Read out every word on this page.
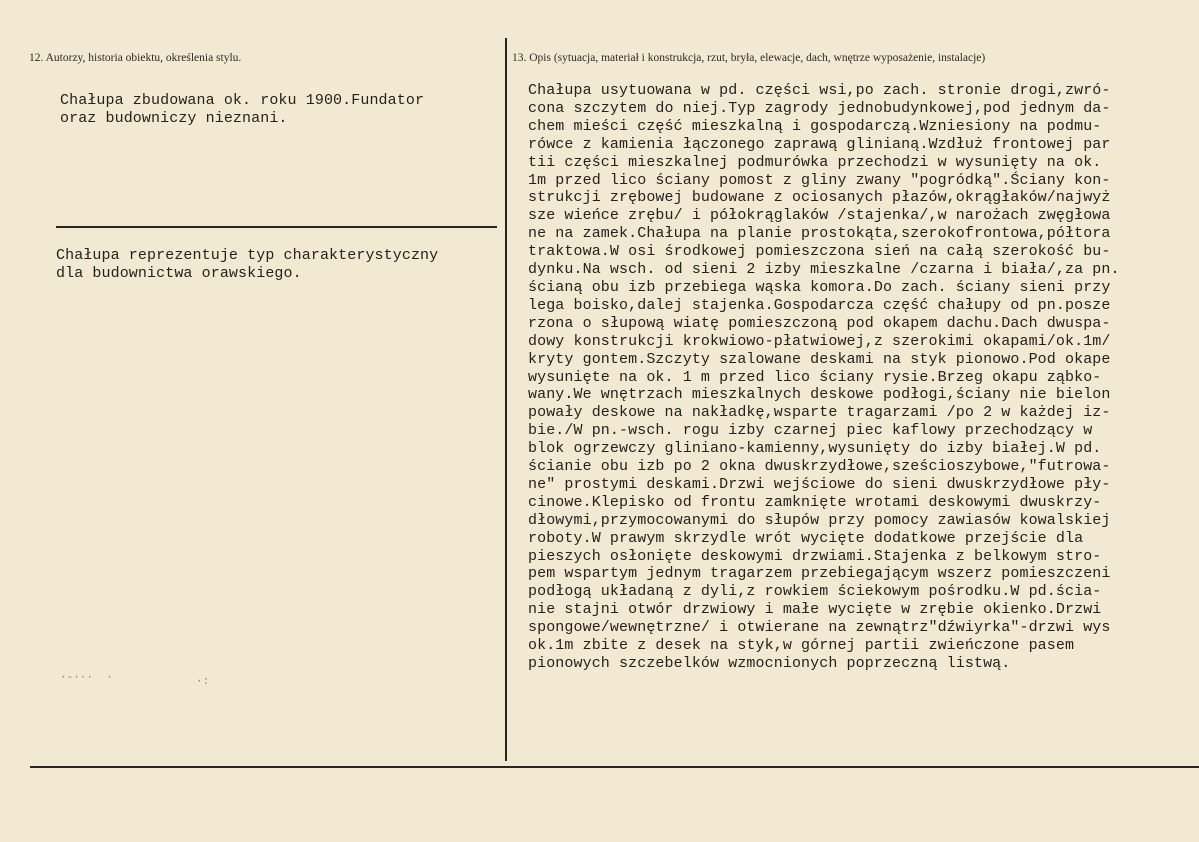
12. Autorzy, historia obiektu, określenia stylu.	13. Opis (sytuacja, materiał i konstrukcja, rzut, bryła, elewacje, dach, wnętrze wyposażenie, instalacje)
Chałupa zbudowana ok. roku 1900.Fundator
oraz budowniczy nieznani.
Chałupa reprezentuje typ charakterystyczny
dla budownictwa orawskiego.
Chałupa usytuowana w pd. części wsi,po zach. stronie drogi,zwró-
cona szczytem do niej.Typ zagrody jednobudynkowej,pod jednym da-
chem mieści część mieszkalną i gospodarczą.Wzniesiony na podmu-
rówce z kamienia łączonego zaprawą glinianą.Wzdłuż frontowej par
tii części mieszkalnej podmurówka przechodzi w wysunięty na ok.
1m przed lico ściany pomost z gliny zwany "pogródką".Ściany kon-
strukcji zrębowej budowane z ociosanych płazów,okrągłaków/najwyż
sze wieńce zrębu/ i półokrąglaków /stajenka/,w narożach zwęgłowa
ne na zamek.Chałupa na planie prostokąta,szerokofrontowa,półtora
traktowa.W osi środkowej pomieszczona sień na całą szerokość bu-
dynku.Na wsch. od sieni 2 izby mieszkalne /czarna i biała/,za pn.
ścianą obu izb przebiega wąska komora.Do zach. ściany sieni przy
lega boisko,dalej stajenka.Gospodarcza część chałupy od pn.posze
rzona o słupową wiatę pomieszczoną pod okapem dachu.Dach dwuspa-
dowy konstrukcji krokwiowo-płatwiowej,z szerokimi okapami/ok.1m/
kryty gontem.Szczyty szalowane deskami na styk pionowo.Pod okape
wysunięte na ok. 1 m przed lico ściany rysie.Brzeg okapu ząbko-
wany.We wnętrzach mieszkalnych deskowe podłogi,ściany nie bielon
powały deskowe na nakładkę,wsparte tragarzami /po 2 w każdej iz-
bie./W pn.-wsch. rogu izby czarnej piec kaflowy przechodzący w
blok ogrzewczy gliniano-kamienny,wysunięty do izby białej.W pd.
ścianie obu izb po 2 okna dwuskrzydłowe,sześcioszybowe,"futrowa-
ne" prostymi deskami.Drzwi wejściowe do sieni dwuskrzydłowe pły-
cinowe.Klepisko od frontu zamknięte wrotami deskowymi dwuskrzy-
dłowymi,przymocowanymi do słupów przy pomocy zawiasów kowalskiej
roboty.W prawym skrzydle wrót wycięte dodatkowe przejście dla
pieszych osłonięte deskowymi drzwiami.Stajenka z belkowym stro-
pem wspartym jednym tragarzem przebiegającym wszerz pomieszczeni
podłogą układaną z dyli,z rowkiem ściekowym pośrodku.W pd.ścia-
nie stajni otwór drzwiowy i małe wycięte w zrębie okienko.Drzwi
spongowe/wewnętrzne/ i otwierane na zewnątrz"dźwiyrka"-drzwi wys
ok.1m zbite z desek na styk,w górnej partii zwieńczone pasem
pionowych szczebelków wzmocnionych poprzeczną listwą.
·-···  ·	·:
